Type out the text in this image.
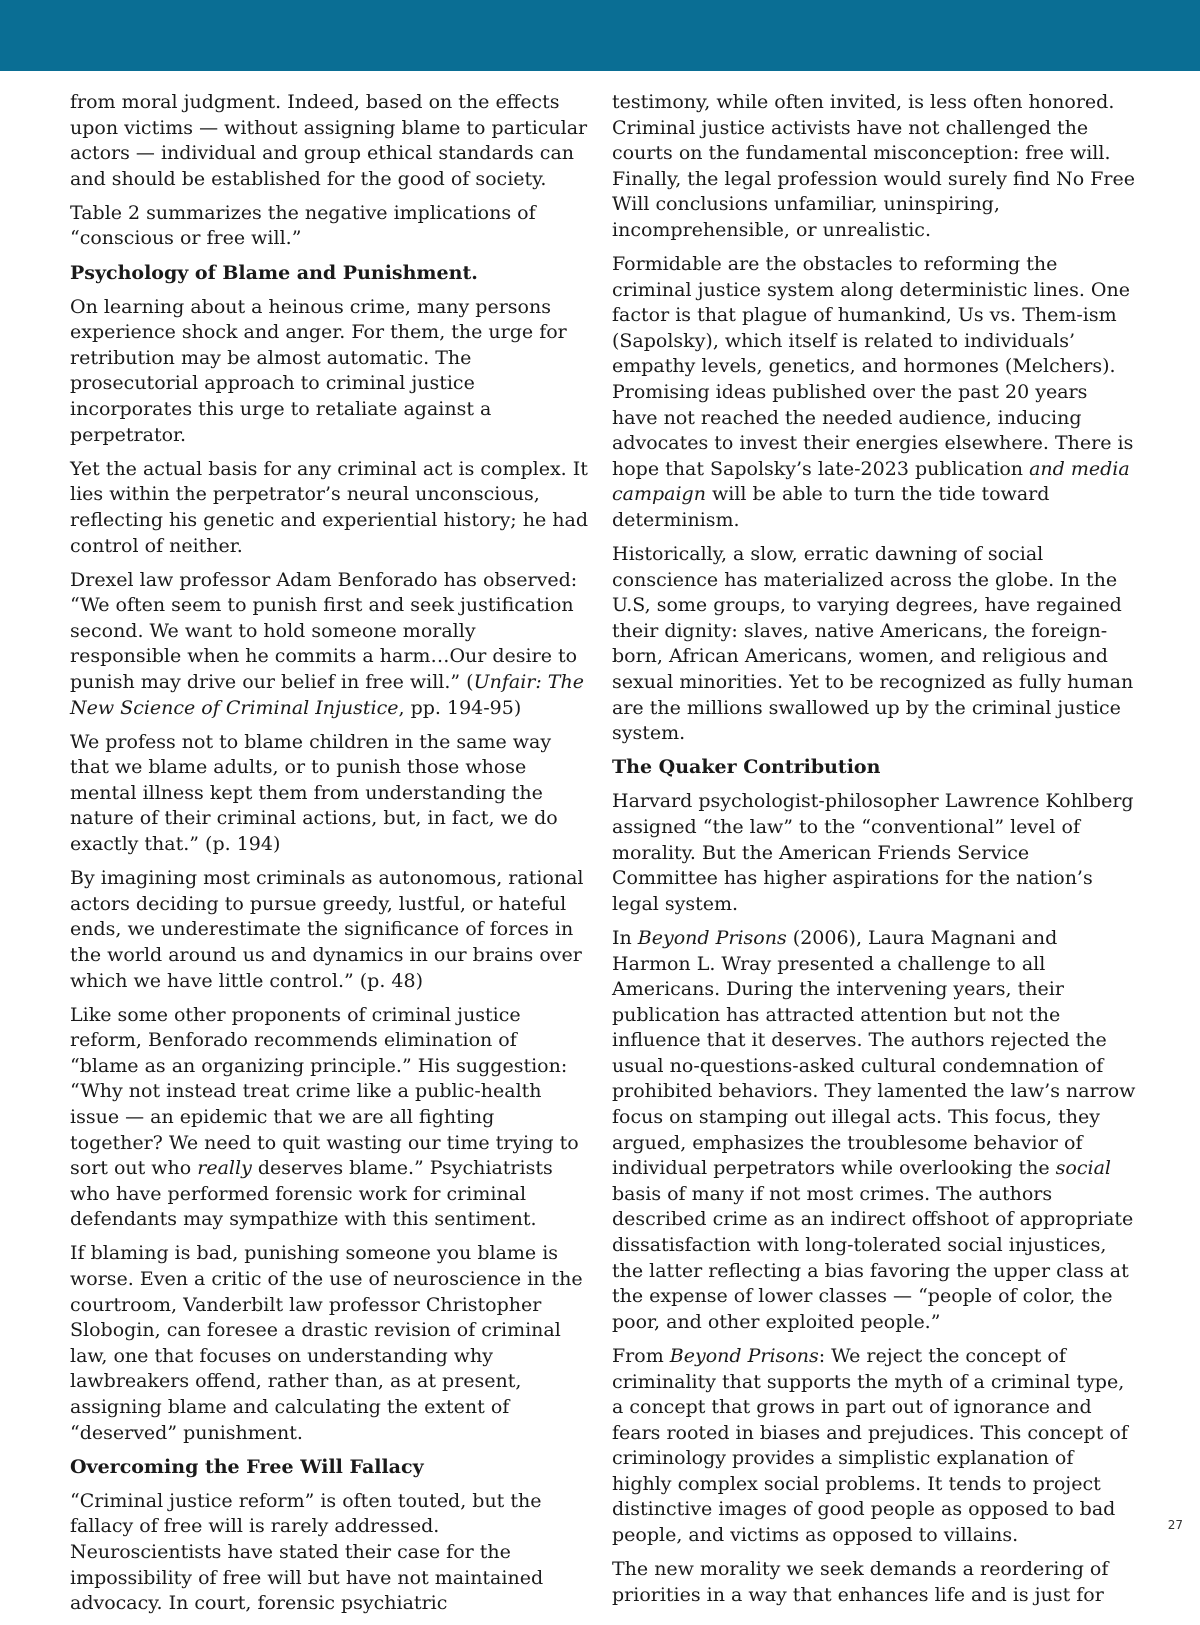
from moral judgment. Indeed, based on the effects upon victims — without assigning blame to particular actors — individual and group ethical standards can and should be established for the good of society.

Table 2 summarizes the negative implications of “conscious or free will.”

Psychology of Blame and Punishment.

On learning about a heinous crime, many persons experience shock and anger. For them, the urge for retribution may be almost automatic. The prosecutorial approach to criminal justice incorporates this urge to retaliate against a perpetrator.

Yet the actual basis for any criminal act is complex. It lies within the perpetrator’s neural unconscious, reflecting his genetic and experiential history; he had control of neither.

Drexel law professor Adam Benforado has observed: “We often seem to punish first and seek justification second. We want to hold someone morally responsible when he commits a harm…Our desire to punish may drive our belief in free will.” (Unfair: The New Science of Criminal Injustice, pp. 194-95)

We profess not to blame children in the same way that we blame adults, or to punish those whose mental illness kept them from understanding the nature of their criminal actions, but, in fact, we do exactly that.” (p. 194)

By imagining most criminals as autonomous, rational actors deciding to pursue greedy, lustful, or hateful ends, we underestimate the significance of forces in the world around us and dynamics in our brains over which we have little control.” (p. 48)

Like some other proponents of criminal justice reform, Benforado recommends elimination of “blame as an organizing principle.” His suggestion: “Why not instead treat crime like a public-health issue — an epidemic that we are all fighting together? We need to quit wasting our time trying to sort out who really deserves blame.” Psychiatrists who have performed forensic work for criminal defendants may sympathize with this sentiment.

If blaming is bad, punishing someone you blame is worse. Even a critic of the use of neuroscience in the courtroom, Vanderbilt law professor Christopher Slobogin, can foresee a drastic revision of criminal law, one that focuses on understanding why lawbreakers offend, rather than, as at present, assigning blame and calculating the extent of “deserved” punishment.

Overcoming the Free Will Fallacy

“Criminal justice reform” is often touted, but the fallacy of free will is rarely addressed. Neuroscientists have stated their case for the impossibility of free will but have not maintained advocacy. In court, forensic psychiatric

testimony, while often invited, is less often honored. Criminal justice activists have not challenged the courts on the fundamental misconception: free will. Finally, the legal profession would surely find No Free Will conclusions unfamiliar, uninspiring, incomprehensible, or unrealistic.

Formidable are the obstacles to reforming the criminal justice system along deterministic lines. One factor is that plague of humankind, Us vs. Them-ism (Sapolsky), which itself is related to individuals’ empathy levels, genetics, and hormones (Melchers). Promising ideas published over the past 20 years have not reached the needed audience, inducing advocates to invest their energies elsewhere. There is hope that Sapolsky’s late-2023 publication and media campaign will be able to turn the tide toward determinism.

Historically, a slow, erratic dawning of social conscience has materialized across the globe. In the U.S, some groups, to varying degrees, have regained their dignity: slaves, native Americans, the foreign-born, African Americans, women, and religious and sexual minorities. Yet to be recognized as fully human are the millions swallowed up by the criminal justice system.

The Quaker Contribution

Harvard psychologist-philosopher Lawrence Kohlberg assigned “the law” to the “conventional” level of morality. But the American Friends Service Committee has higher aspirations for the nation’s legal system.

In Beyond Prisons (2006), Laura Magnani and Harmon L. Wray presented a challenge to all Americans. During the intervening years, their publication has attracted attention but not the influence that it deserves. The authors rejected the usual no-questions-asked cultural condemnation of prohibited behaviors. They lamented the law’s narrow focus on stamping out illegal acts. This focus, they argued, emphasizes the troublesome behavior of individual perpetrators while overlooking the social basis of many if not most crimes. The authors described crime as an indirect offshoot of appropriate dissatisfaction with long-tolerated social injustices, the latter reflecting a bias favoring the upper class at the expense of lower classes — “people of color, the poor, and other exploited people.”

From Beyond Prisons: We reject the concept of criminality that supports the myth of a criminal type, a concept that grows in part out of ignorance and fears rooted in biases and prejudices. This concept of criminology provides a simplistic explanation of highly complex social problems. It tends to project distinctive images of good people as opposed to bad people, and victims as opposed to villains.

The new morality we seek demands a reordering of priorities in a way that enhances life and is just for

27
